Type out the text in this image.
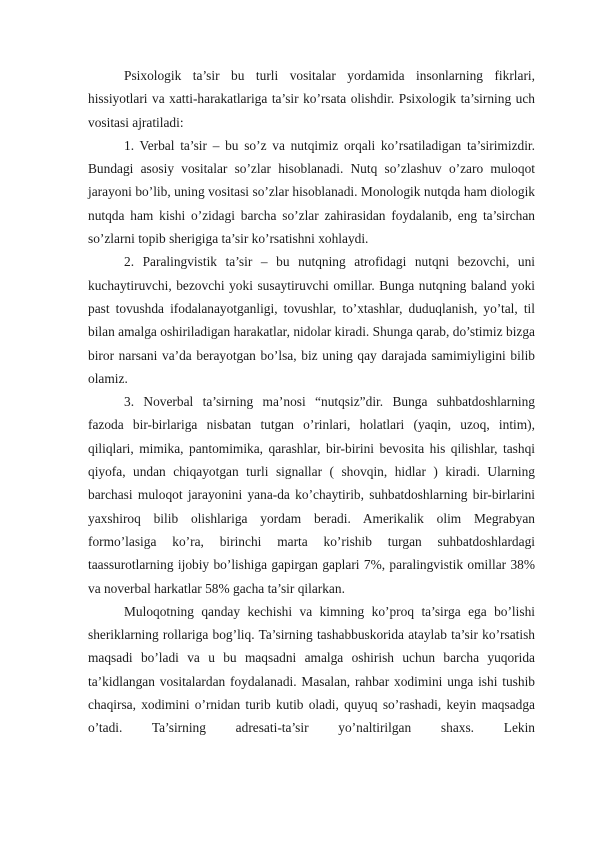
Psixologik ta’sir bu turli vositalar yordamida insonlarning fikrlari, hissiyotlari va xatti-harakatlariga ta’sir ko’rsata olishdir. Psixologik ta’sirning uch vositasi ajratiladi:

1. Verbal ta’sir – bu so’z va nutqimiz orqali ko’rsatiladigan ta’sirimizdir. Bundagi asosiy vositalar so’zlar hisoblanadi. Nutq so’zlashuv o’zaro muloqot jarayoni bo’lib, uning vositasi so’zlar hisoblanadi. Monologik nutqda ham diologik nutqda ham kishi o’zidagi barcha so’zlar zahirasidan foydalanib, eng ta’sirchan so’zlarni topib sherigiga ta’sir ko’rsatishni xohlaydi.

2. Paralingvistik ta’sir – bu nutqning atrofidagi nutqni bezovchi, uni kuchaytiruvchi, bezovchi yoki susaytiruvchi omillar. Bunga nutqning baland yoki past tovushda ifodalanayotganligi, tovushlar, to’xtashlar, duduqlanish, yo’tal, til bilan amalga oshiriladigan harakatlar, nidolar kiradi. Shunga qarab, do’stimiz bizga biror narsani va’da berayotgan bo’lsa, biz uning qay darajada samimiyligini bilib olamiz.

3. Noverbal ta’sirning ma’nosi “nutqsiz”dir. Bunga suhbatdoshlarning fazoda bir-birlariga nisbatan tutgan o’rinlari, holatlari (yaqin, uzoq, intim), qiliqlari, mimika, pantomimika, qarashlar, bir-birini bevosita his qilishlar, tashqi qiyofa, undan chiqayotgan turli signallar ( shovqin, hidlar ) kiradi. Ularning barchasi muloqot jarayonini yana-da ko’chaytirib, suhbatdoshlarning bir-birlarini yaxshiroq bilib olishlariga yordam beradi. Amerikalik olim Megrabyan formo’lasiga ko’ra, birinchi marta ko’rishib turgan suhbatdoshlardagi taassurotlarning ijobiy bo’lishiga gapirgan gaplari 7%, paralingvistik omillar 38% va noverbal harkatlar 58% gacha ta’sir qilarkan.

Muloqotning qanday kechishi va kimning ko’proq ta’sirga ega bo’lishi sheriklarning rollariga bog’liq. Ta’sirning tashabbuskorida ataylab ta’sir ko’rsatish maqsadi bo’ladi va u bu maqsadni amalga oshirish uchun barcha yuqorida ta’kidlangan vositalardan foydalanadi. Masalan, rahbar xodimini unga ishi tushib chaqirsa, xodimini o’rnidan turib kutib oladi, quyuq so’rashadi, keyin maqsadga o’tadi. Ta’sirning adresati-ta’sir yo’naltirilgan shaxs. Lekin
